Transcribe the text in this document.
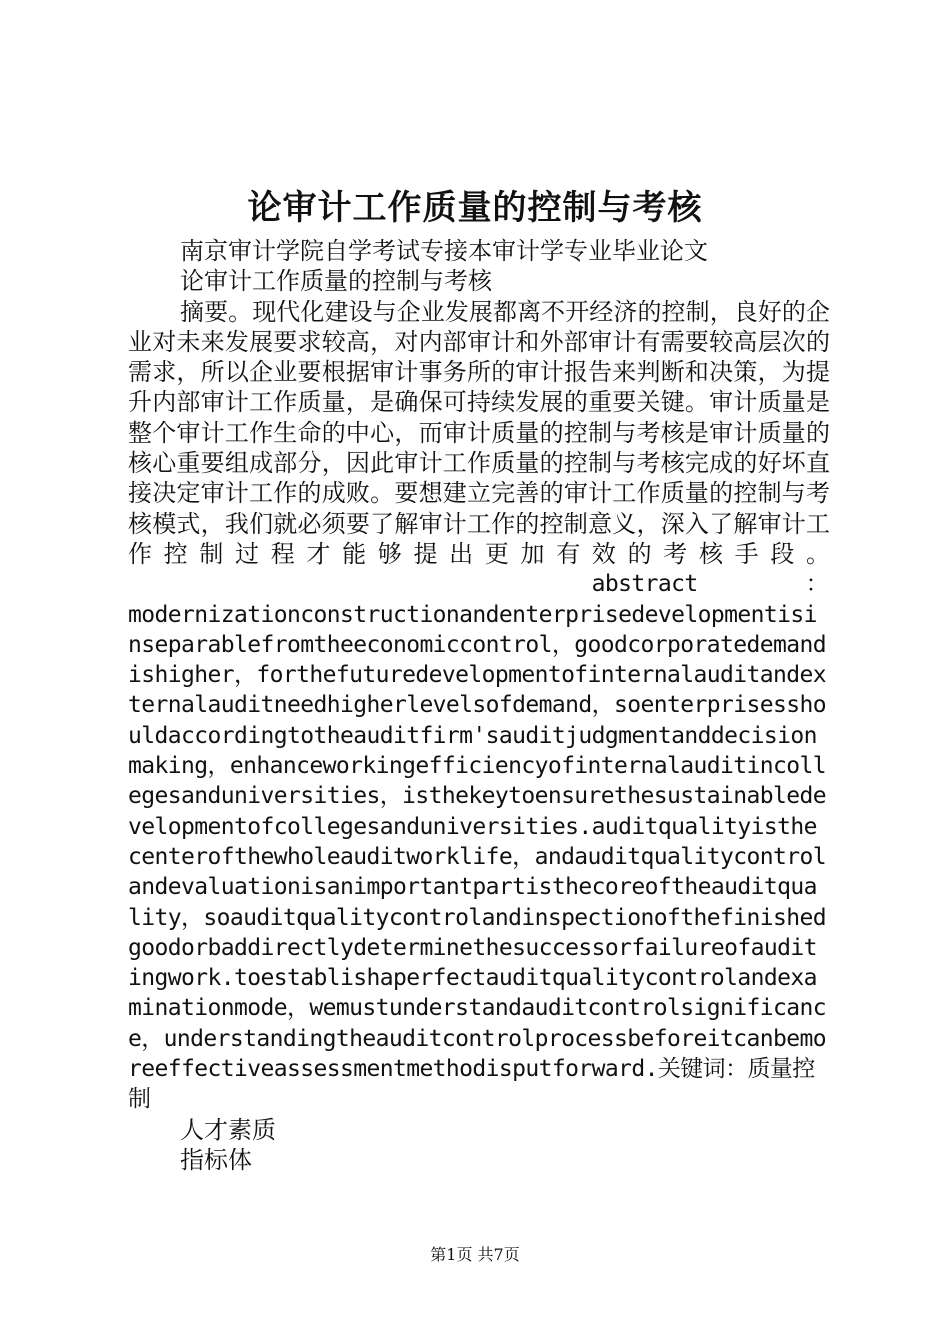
论审计工作质量的控制与考核

南京审计学院自学考试专接本审计学专业毕业论文

论审计工作质量的控制与考核

摘要。现代化建设与企业发展都离不开经济的控制，良好的企业对未来发展要求较高，对内部审计和外部审计有需要较高层次的需求，所以企业要根据审计事务所的审计报告来判断和决策，为提升内部审计工作质量，是确保可持续发展的重要关键。审计质量是整个审计工作生命的中心，而审计质量的控制与考核是审计质量的核心重要组成部分，因此审计工作质量的控制与考核完成的好坏直接决定审计工作的成败。要想建立完善的审计工作质量的控制与考核模式，我们就必须要了解审计工作的控制意义，深入了解审计工作控制过程才能够提出更加有效的考核手段。

abstract	：
modernizationconstructionandenterprisedevelopmentisinseparablefromtheeconomiccontrol，goodcorporatedemandishigher，forthefuturedevelopmentofinternalauditandexternalauditneedhigherlevelsofdemand，soenterprisesshouldaccordingtotheauditfirm'sauditjudgmentanddecisionmaking，enhanceworkingefficiencyofinternalauditincollegesanduniversities，isthekeytoensurethesustainabledevelopmentofcollegesanduniversities.auditqualityisthecenterofthewholeauditworklife，andauditqualitycontrolandevaluationisanimportantpartisthecoreoftheauditquality，soauditqualitycontrolandinspectionofthefinishedgoodorbaddirectlydeterminethesuccessorfailureofauditingwork.toestablishaperfectauditqualitycontrolandexaminationmode，wemustunderstandauditcontrolsignificance，understandingtheauditcontrolprocessbeforeitcanbemoreeffectiveassessmentmethodisputforward.关键词：质量控制

人才素质

指标体

第1页 共7页
